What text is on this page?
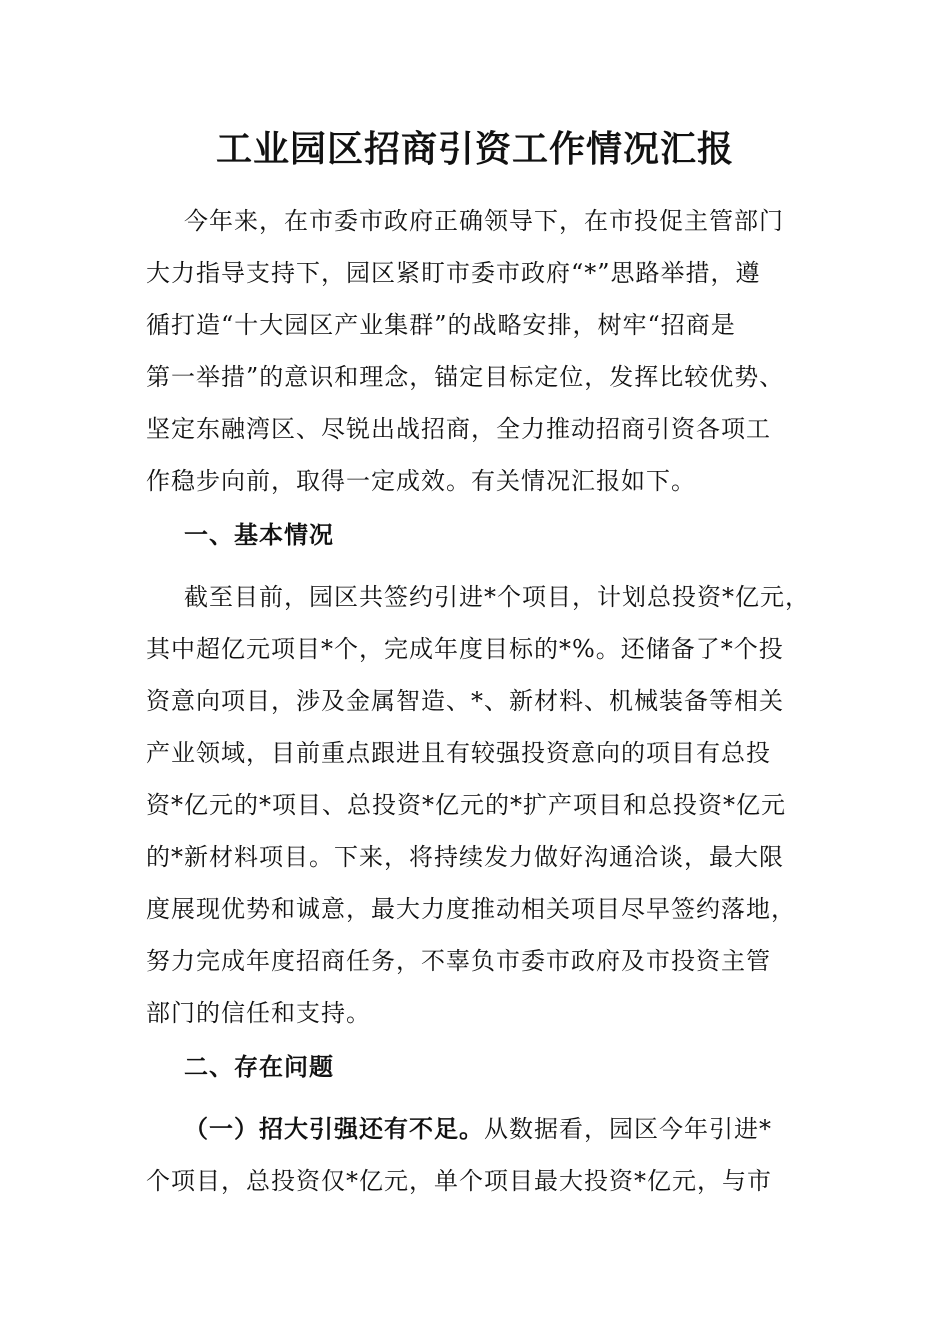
工业园区招商引资工作情况汇报

今年来，在市委市政府正确领导下，在市投促主管部门

大力指导支持下，园区紧盯市委市政府“*”思路举措，遵

循打造“十大园区产业集群”的战略安排，树牢“招商是

第一举措”的意识和理念，锚定目标定位，发挥比较优势、

坚定东融湾区、尽锐出战招商，全力推动招商引资各项工

作稳步向前，取得一定成效。有关情况汇报如下。

一、基本情况

截至目前，园区共签约引进*个项目，计划总投资*亿元，

其中超亿元项目*个，完成年度目标的*%。还储备了*个投

资意向项目，涉及金属智造、*、新材料、机械装备等相关

产业领域，目前重点跟进且有较强投资意向的项目有总投

资*亿元的*项目、总投资*亿元的*扩产项目和总投资*亿元

的*新材料项目。下来，将持续发力做好沟通洽谈，最大限

度展现优势和诚意，最大力度推动相关项目尽早签约落地，

努力完成年度招商任务，不辜负市委市政府及市投资主管

部门的信任和支持。

二、存在问题

（一）招大引强还有不足。从数据看，园区今年引进*

个项目，总投资仅*亿元，单个项目最大投资*亿元，与市
